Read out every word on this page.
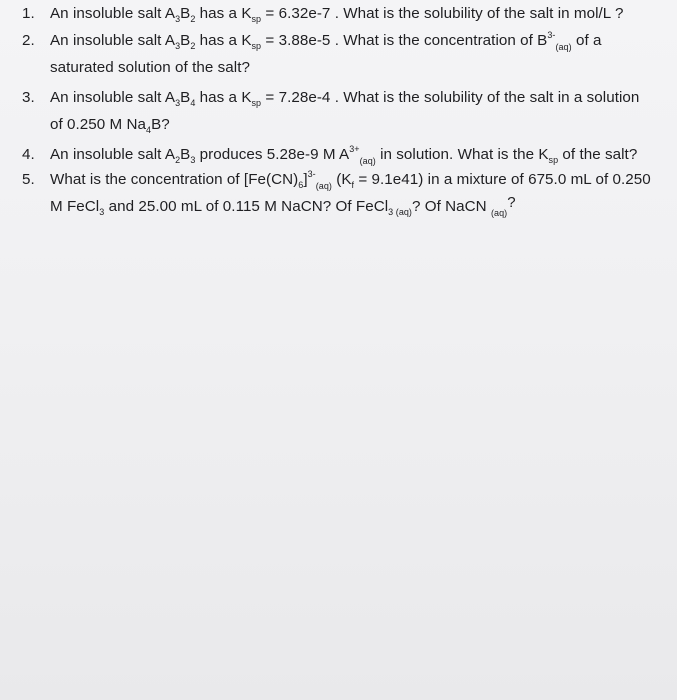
1.	An insoluble salt $A_3B_2$ has a $K_{sp} = 6.32e-7$ . What is the solubility of the salt in mol/L ?
2.	An insoluble salt $A_3B_2$ has a $K_{sp} = 3.88e-5$ . What is the concentration of $B^{3-}_{(aq)}$ of a
saturated solution of the salt?
3.	An insoluble salt $A_3B_4$ has a $K_{sp} = 7.28e-4$ . What is the solubility of the salt in a solution
of 0.250 M $Na_4B$?
4.	An insoluble salt $A_2B_3$ produces 5.28e-9 M $A^{3+}_{(aq)}$ in solution. What is the $K_{sp}$ of the salt?
5.	What is the concentration of $[Fe(CN)_6]^{3-}_{(aq)}$ $(K_f = 9.1e41)$ in a mixture of 675.0 mL of 0.250
M FeCl$_3$ and 25.00 mL of 0.115 M NaCN? Of FeCl$_{3 (aq)}$? Of NaCN $_{(aq)}$?
